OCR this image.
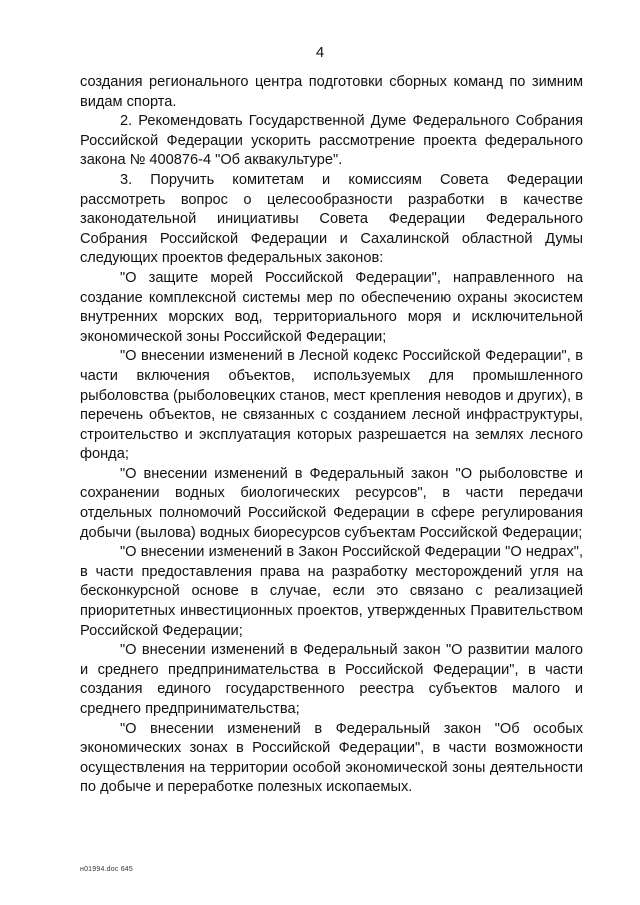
4

создания регионального центра подготовки сборных команд по зимним видам спорта.

2. Рекомендовать Государственной Думе Федерального Собрания Российской Федерации ускорить рассмотрение проекта федерального закона № 400876-4 "Об аквакультуре".

3. Поручить комитетам и комиссиям Совета Федерации рассмотреть вопрос о целесообразности разработки в качестве законодательной инициативы Совета Федерации Федерального Собрания Российской Федерации и Сахалинской областной Думы следующих проектов федеральных законов:

"О защите морей Российской Федерации", направленного на создание комплексной системы мер по обеспечению охраны экосистем внутренних морских вод, территориального моря и исключительной экономической зоны Российской Федерации;

"О внесении изменений в Лесной кодекс Российской Федерации", в части включения объектов, используемых для промышленного рыболовства (рыболовецких станов, мест крепления неводов и других), в перечень объектов, не связанных с созданием лесной инфраструктуры, строительство и эксплуатация которых разрешается на землях лесного фонда;

"О внесении изменений в Федеральный закон "О рыболовстве и сохранении водных биологических ресурсов", в части передачи отдельных полномочий Российской Федерации в сфере регулирования добычи (вылова) водных биоресурсов субъектам Российской Федерации;

"О внесении изменений в Закон Российской Федерации "О недрах", в части предоставления права на разработку месторождений угля на бесконкурсной основе в случае, если это связано с реализацией приоритетных инвестиционных проектов, утвержденных Правительством Российской Федерации;

"О внесении изменений в Федеральный закон "О развитии малого и среднего предпринимательства в Российской Федерации", в части создания единого государственного реестра субъектов малого и среднего предпринимательства;

"О внесении изменений в Федеральный закон "Об особых экономических зонах в Российской Федерации", в части возможности осуществления на территории особой экономической зоны деятельности по добыче и переработке полезных ископаемых.

н01994.doc 645
